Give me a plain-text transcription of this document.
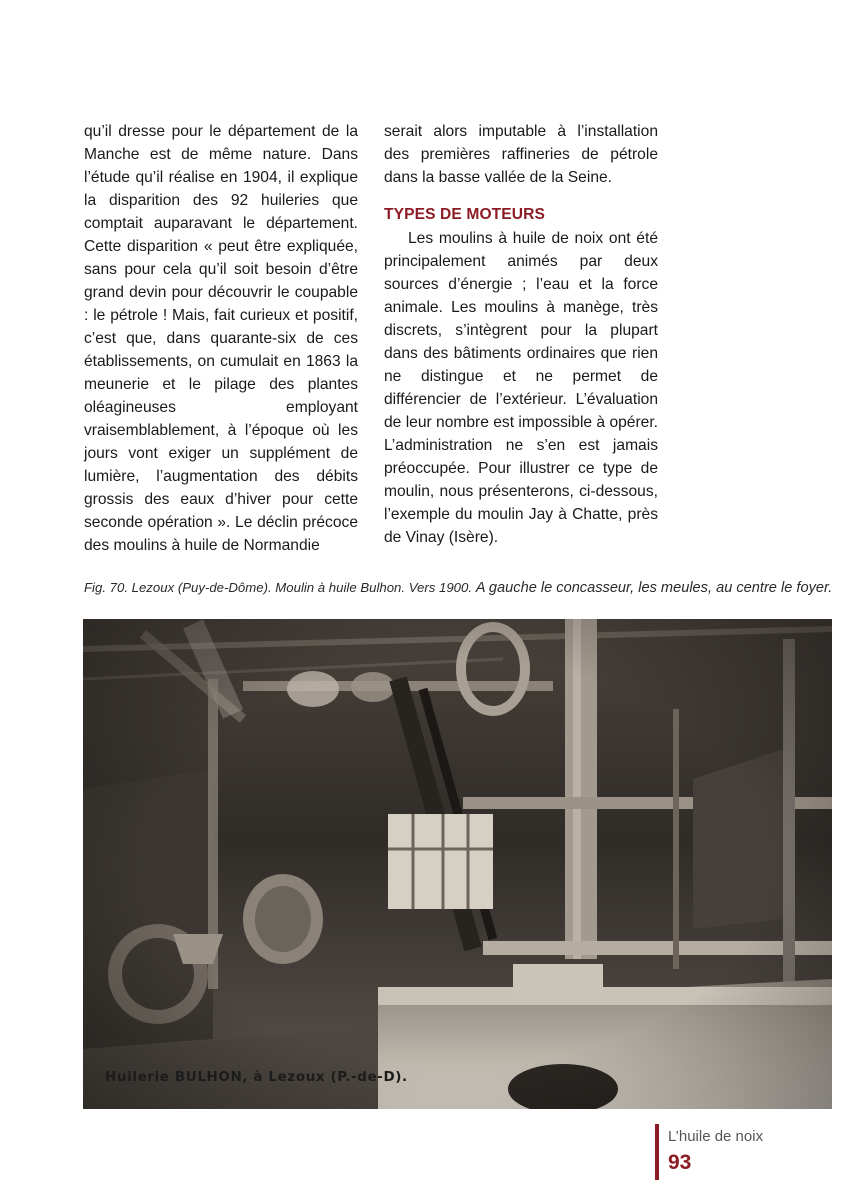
qu’il dresse pour le département de la Manche est de même nature. Dans l’étude qu’il réalise en 1904, il explique la disparition des 92 huileries que comptait auparavant le département. Cette disparition « peut être expliquée, sans pour cela qu’il soit besoin d’être grand devin pour découvrir le coupable : le pétrole ! Mais, fait curieux et positif, c’est que, dans quarante-six de ces établissements, on cumulait en 1863 la meunerie et le pilage des plantes oléagineuses employant vraisemblablement, à l’époque où les jours vont exiger un supplément de lumière, l’augmentation des débits grossis des eaux d’hiver pour cette seconde opération ». Le déclin précoce des moulins à huile de Normandie

serait alors imputable à l’installation des premières raffineries de pétrole dans la basse vallée de la Seine.

TYPES DE MOTEURS

Les moulins à huile de noix ont été principalement animés par deux sources d’énergie ; l’eau et la force animale. Les moulins à manège, très discrets, s’intègrent pour la plupart dans des bâtiments ordinaires que rien ne distingue et ne permet de différencier de l’extérieur. L’évaluation de leur nombre est impossible à opérer. L’administration ne s’en est jamais préoccupée. Pour illustrer ce type de moulin, nous présenterons, ci-dessous, l’exemple du moulin Jay à Chatte, près de Vinay (Isère).

Fig. 70. Lezoux (Puy-de-Dôme). Moulin à huile Bulhon. Vers 1900. A gauche le concasseur, les meules, au centre le foyer.
Huilerie BULHON, à Lezoux (P.-de-D).
L’huile de noix
93
